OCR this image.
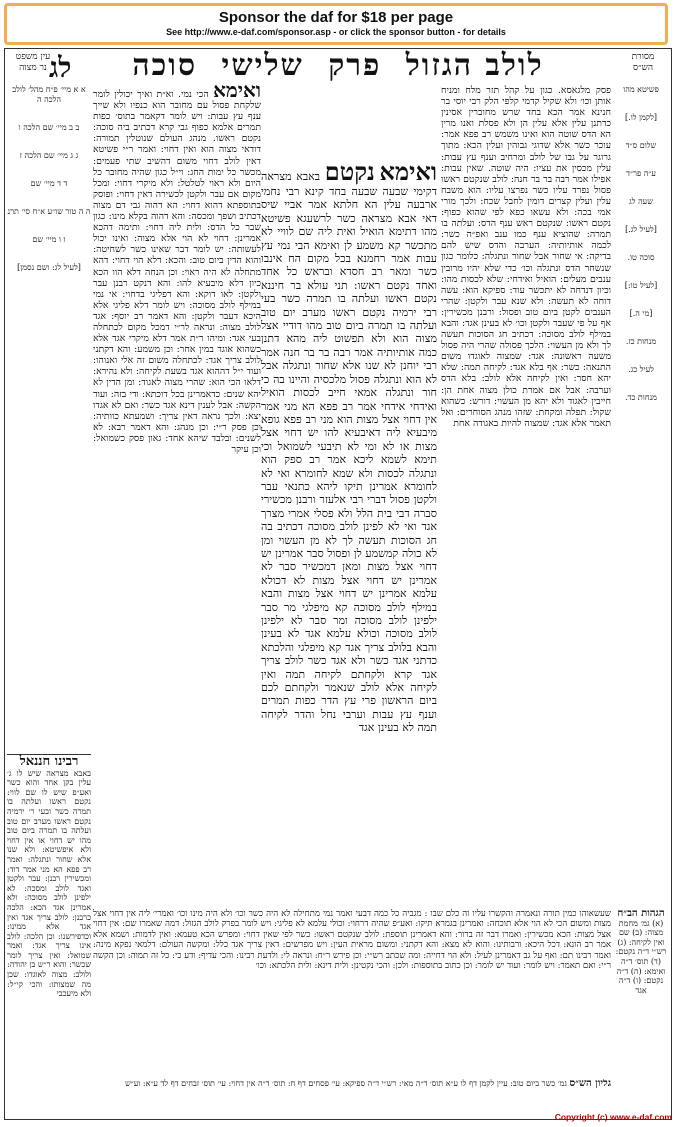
Sponsor the daf for $18 per page
See http://www.e-daf.com/sponsor.asp - or click the sponsor button - for details
מסורת הש״ס
לולב הגזול פרק שלישי סוכה
לג
עין משפט נר מצוה
פשיטא מהו
[לקמן לו.]
שלום ס״ד
ע״ה פר״ד
שעה לג
[לעיל לג.]
סוכה טו.
[לעיל טו:]
[מי ה.]
מנחות כז.
לעיל כג.
מנחות כד.
א א מיי׳ פ״ח מהל׳ לולב הלכה ה
ב ב מיי׳ שם הלכה ו
ג ג מיי׳ שם הלכה ז
ד ד מיי׳ שם
ה ה טור שו״ע א״ח סי׳ תרנ
ו ו מיי׳ שם
[לעיל לג: ושם נסמן]
פסק מלגאסא. כגון על קהל תזר מלח ומניח אותן וכו׳ ולא שקיל קדמי קלפי הלק רבי יוסי בר חנינא אמר הכא בחד שרש מחוברין אסינין כדתנן עלין אלא עלין הן ולא פסלת ואנו מרין הא הדס שוטה הוא ואינו משמש רב פפא אמר: עוכר כשר אלא שדוגי גבוהין ועלין הכא: מתוך גרוגר על גבו של לולב ומרחיב וענף עץ עבות: עלין מכסין את עציו: היה שוטה. שאין עבות: אפילו אמר רבה בר בר חנה: לולב שנקטם ראשו פסול נפרד עליו כשר נפרצו עליו: הוא משבח עלין ועלין קצרים דומין לחבל שכח: ולכך מורי אמי בכה: ולא עשאו כפא לפי שהוא כפוף: נקטם ראשו: שנקטם ראש ענף הדס: ועלתה בו תמרה: שהוציא ענף כמו ענב ואפ״ה כשר: לכמה אותיותיה: הערבה והדס שיש להם בדיקה: אי שחור אבל שחור ונתגלה: כלומר כגון שנשחר הדס ונתגלה וכו׳ כדי שלא יהיו מרובין ענבים מעלים: הואיל ואידחי: שלא לכסות מהו: וכיון דנדחה לא יתכשר עוד: ספיקא הוא: עשה דוחה לא תעשה: ולא שנא עבר ולקטן: שהרי הענבים לקטן ביום טוב ופסול: ורבנן מכשירין: אף על פי שעבר ולקטן וכו׳ לא בעינן אגד: והבא במילף לולב מסוכה: דכתיב חג הסוכות תעשה לך ולא מן העשוי: הלכך פסולה שהרי היה פסול משעה ראשונה: אגד: שמצוה לאוגדו משום התנאה: כשר: אף בלא אגד: לקיחה תמה: שלא יהא חסר: ואין לקיחה אלא לולב: בלא הדס וערבה: אבל אם אמרת כולן מצוה אחת הן: חייבין לאגוד ולא יהא מן העשוי: דורש: כשהוא שקול: תפלה ומקחת: שזהו מנהג הסוחרים: ואל תאמר אלא אגד: שמצוה להיות באגודה אחת
ואימא הכי נמי. וא״ת ואיך יכולין לומר שלקחת פסול עם מחובר הוא כנפיו ולא שייך ענף עץ עבות: ויש לומר דקאמר בתוס׳ כפות תמרים אלמא כפוף גבי קרא דכתיב ביה סוכה: נקטם ראשו. מנהג העולם שנוטלין תמורה: דודאי מצוה הוא ואין דחוי: ואמר ר״י פשיטא דאין לולב דחוי משום דהשיב שתי פעמים: מכשר כל ימות החג: וי״ל כגון שהיה מחובר כל היום ולא ראוי לטלטל: ולא מיקרי דחוי: ומכל מקום אם עבר ולקטן לכשירה דאין דחוי: ופוסק בתוספתא דהוא דחוי: הא דהוה גבי דם מצוה דכתיב ושפך ומכסה: והא דהוה בקלא מינו: כגון שבר כל הדס: ולית ליה דחוי: ותימה דהכא אמרינן: דחוי לא הוי אלא מצוה: ואינו יכול לעשותה: יש לומר דבר שאינו כשר לשחיטה: והוא הדין ביום טוב: והכא: דלא הוי דחוי: דהא מתחלה לא היה ראוי: וכן הנחה דלא הוו הכא כיון דלא מיבעיא להו: והא דנקט רבנן עבר ולקטן: לאו דוקא: והא דפליגי בדחוי: אי נמי במילף לולב מסוכה: ויש לומר דלא פליגי אלא היכא דעבר ולקטן: והא דאמר רב יוסף: אגד לולב מצוה: ונראה לר״י דמכל מקום לכתחלה בעי אגד: ומיהו ר״ת אמר דלא מיקרי אגד אלא כשהוא אוגד במין אחר: וכן משמע: והא דקתני לולב צריך אגד: לכתחלה משום זה אלי ואנוהו: ועוד י״ל דההוא אגד בשעת לקיחה: ולא נהירא: דלאו הכי הוא: שהרי מצוה לאגוד: ומן הדין לא יהא שנים: כדאמרינן בכל דוכתא: ודי בזה: ועוד הקשה: אבל לענין דינא אגד כשר: ואם לא אגדו יצא: ולכך נראה דאין צריך: ושמעתא כוותיה: וכן פסק ר״י: וכן מנהג: והא דאמר רבא: לא לשנים: ובלבד שיהא אחד: גאון פסק כשמואל: וכן עיקר
ואימא נקטם באבא מצראה דקימי שבעה שבעה בחד קינא רבי נחמי ארבעה עלין הא חלתא אמר אביי שיס דאי אבא מצראה כשר לרשעגא פשיטא מהו דתימא הואיל ואית ליה שם לוויי לא מתכשר קא משמע לן ואימא הבי נמי עץ עבות אמר רחמנא בכל מקום הח אינבו כשר ומאר רב חסדא ובראש כל אחד ואחד נקטם ראשו: תני עולא בר חיננא נקטם ראשו ועלתה בו תמרה כשר בעי רבי ירמיה נקטם ראשו מערב יום טוב ועלתה בו תמרה ביום טוב מהו דודיי אצל מצוה הוא ולא תפשוט ליה מהא דתנן כמה אותיותיה אמר רבה בר בר חנה אמר רבי יוחנן לא שנו אלא שחור ונתגלה אבל לא הוא ונתגלה פסול מלכסיה והיינו בה כי חור ונתגלה אמאי חייב לכסות הואיל ואידחי אידחי אמר רב פפא הא מני אמר אין דחוי אצל מצות הוא מני רב פפא גופא מיבעיא ליה דאיבעיא להו יש דחוי אצל מצות או לא ומי לא תיבעי לשמואל וכי תימא לשמא ליכא אמר רב ספק הוא ונתגלה לכסות ולא שמא לחומרא ואי לא לחומרא אמרינן תיקו ליהא כתנאי עבר ולקטן פסול דברי רבי אלעזר ורבנן מכשירי סברה דבי בית הלל ולא פסלי אמרי מצרך אגד ואי לא לפינן לולב מסוכה דכתיב בה חג הסוכות תעשה לך לא מן העשוי ומן לא כולה קמשמע לן ופסול סבר אמרינן יש דחוי אצל מצות ומאן דמכשיר סבר לא אמרינן יש דחוי אצל מצות לא דכולא עלמא אמרינן יש דחוי אצל מצות והבא במילף לולב מסוכה קא מיפלגי מר סבר ילפינן לולב מסוכה ומר סבר לא ילפינן לולב מסוכה וכולא עלמא אגד לא בעינן והבא בלולב צריך אגד קא מיפלגי והלכתא כדתני אגד כשר ולא אגד כשר לולב צריך אגד קרא ולקחתם לקיחה תמה ואין לקיחה אלא לולב שנאמר ולקחתם לכם ביום הראשון פרי עץ הדר כפות תמרים וענף עץ עבות וערבי נחל והדר לקיחה תמה לא בעינן אגד
רבינו חננאל
באבא מצראה שיש לו ג׳ עלין בקן אחד והוא כשר ואע״פ שיש לו שם לווי: נקטם ראשו ועלתה בו תמרה כשר ובעי ר׳ ירמיה נקטם ראשו מערב יום טוב ועלתה בו תמרה ביום טוב מהו יש דחוי או אין דחוי ולא איפשיטא: ולא שנו אלא שחור ונתגלה: ואמר רב פפא הא מני אמר דוד: ומכשירין רבנן: עבר ולקטן ואגד לולב ומסכה: לא ילפינן לולב מסוכה: ולא אמרינן אגד הכא: הלכה כרבנן: לולב צריך אגד ואין אגד אלא ממינו: וכדפירשנו: וכן הלכה: לולב אינו צריך אגד: ואמר שמואל: ואין צריך לומר שכשר: והוא ר״ש בן יהודה: ולולב: מצוה לאוגדו: שכן מה שמצותו: והכי קי״ל: ולא מיעכבי
שעשאוהו כמין תורה ונאמרה והקשרו עליו וה כלם שבו : מגביה כל כמה דבעי ואמר נמי מתחילה לא היה כשר וכו׳ ולא היה מינו וכו׳ ואמרי׳ ליה אין דחוי אצל מצות ומשום הכי לא הוי אלא תוכחה: ואמרינן בגמרא תיקו: ואע״פ שהיה דרחוי: וכולי עלמא לא פליגי: ויש לומר בפרק לולב הגזול: דמה שאמרו שם: אין דחוי אצל מצות: הכא מכשירין: ואמרו דבר זה ברור: והא דאמרינן תוספת: לולב שנקטם ראשו: כשר לפי שאין דחוי: ומפרש הכא טעמא: ואין לדמות: ושמא אלא אמר רב הונא: דכל היכא: ורבותינו: והוא לא מצא: והא דקתני: ומשום מראית העין: ויש מפרשים: דאין צריך אגד כלל: ומקשה העולם: דלמאי נפקא מינה: ואמר רבינו תם: ואף על גב דאמרינן לעיל: ולא הוי דחייה: ומה שכתב רש״י: וכן פירש ר״ח: ונראה לי: ולדעת רבינו: והכי עדיף: ודע כי: כל זה תמוה: וכן הקשה ר״י: ואם תאמר: ויש לומר: ועוד יש לומר: וכן כתוב בתוספות: ולכן: והכי נקטינן: ולית דינא: ולית הלכתא: וכו׳
הגהות הב״ח
(א) גמ׳ מחמת מצוה: (ב) שם ואין לקיחה: (ג) רש״י ד״ה נקטם: (ד) תוס׳ ד״ה ואימא: (ה) ד״ה נקטם: (ו) ד״ה אגד
גליון הש״ס גמ׳ כשר ביום טוב: עיין לקמן דף לו ע״א תוס׳ ד״ה מאי: רש״י ד״ה ספיקא: עי׳ פסחים דף ח: תוס׳ ד״ה אין דחוי: עי׳ תוס׳ זבחים דף לד ע״א: וע״ש
Copyright (c) www.e-daf.com
